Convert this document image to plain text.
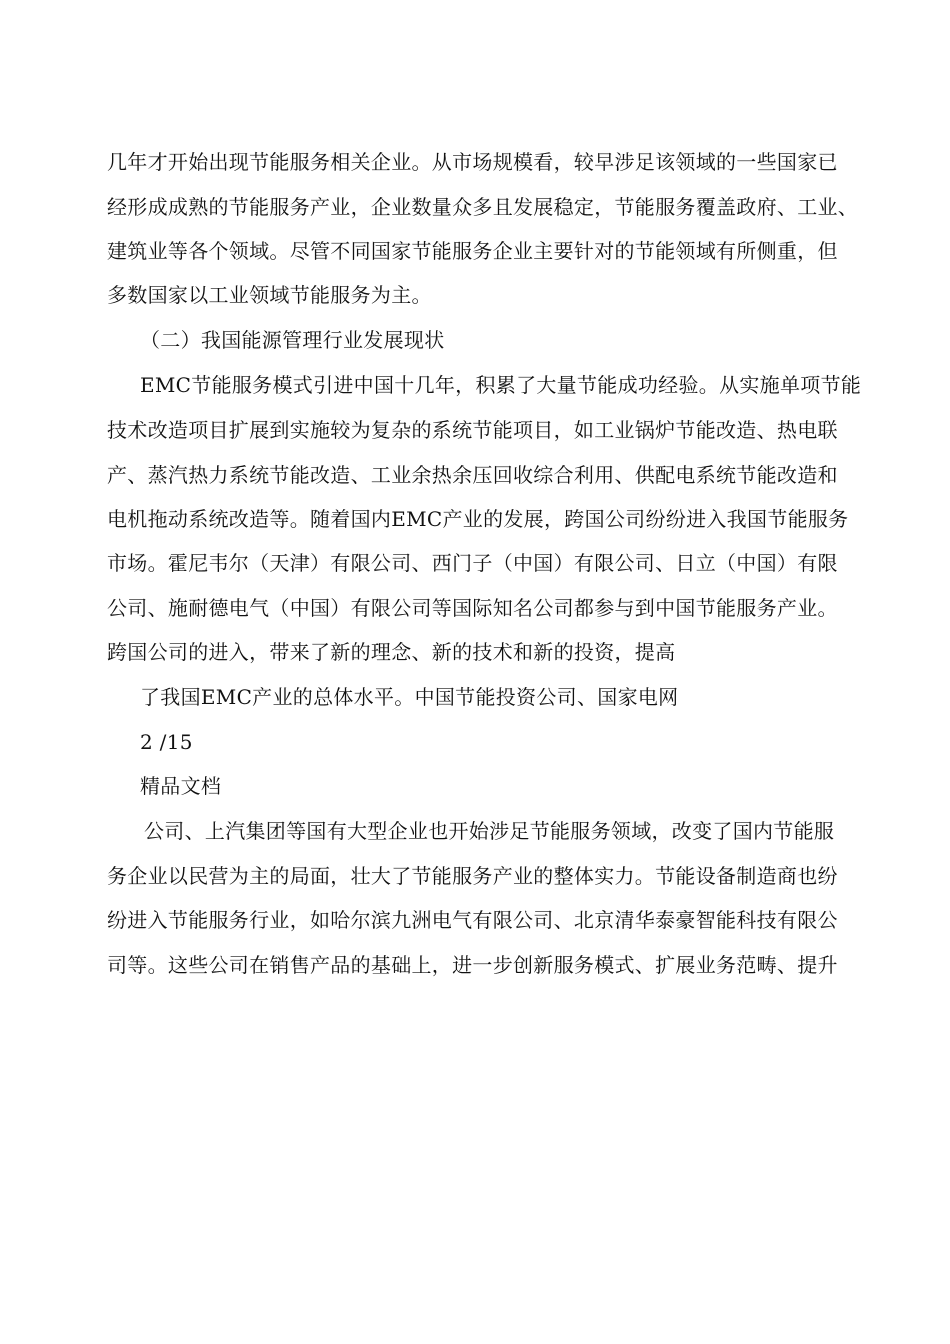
几年才开始出现节能服务相关企业。从市场规模看，较早涉足该领域的一些国家已
经形成成熟的节能服务产业，企业数量众多且发展稳定，节能服务覆盖政府、工业、
建筑业等各个领域。尽管不同国家节能服务企业主要针对的节能领域有所侧重，但
多数国家以工业领域节能服务为主。
（二）我国能源管理行业发展现状
EMC节能服务模式引进中国十几年，积累了大量节能成功经验。从实施单项节能
技术改造项目扩展到实施较为复杂的系统节能项目，如工业锅炉节能改造、热电联
产、蒸汽热力系统节能改造、工业余热余压回收综合利用、供配电系统节能改造和
电机拖动系统改造等。随着国内EMC产业的发展，跨国公司纷纷进入我国节能服务
市场。霍尼韦尔（天津）有限公司、西门子（中国）有限公司、日立（中国）有限
公司、施耐德电气（中国）有限公司等国际知名公司都参与到中国节能服务产业。
跨国公司的进入，带来了新的理念、新的技术和新的投资，提高
了我国EMC产业的总体水平。中国节能投资公司、国家电网
2 /15
精品文档
公司、上汽集团等国有大型企业也开始涉足节能服务领域，改变了国内节能服
务企业以民营为主的局面，壮大了节能服务产业的整体实力。节能设备制造商也纷
纷进入节能服务行业，如哈尔滨九洲电气有限公司、北京清华泰豪智能科技有限公
司等。这些公司在销售产品的基础上，进一步创新服务模式、扩展业务范畴、提升
